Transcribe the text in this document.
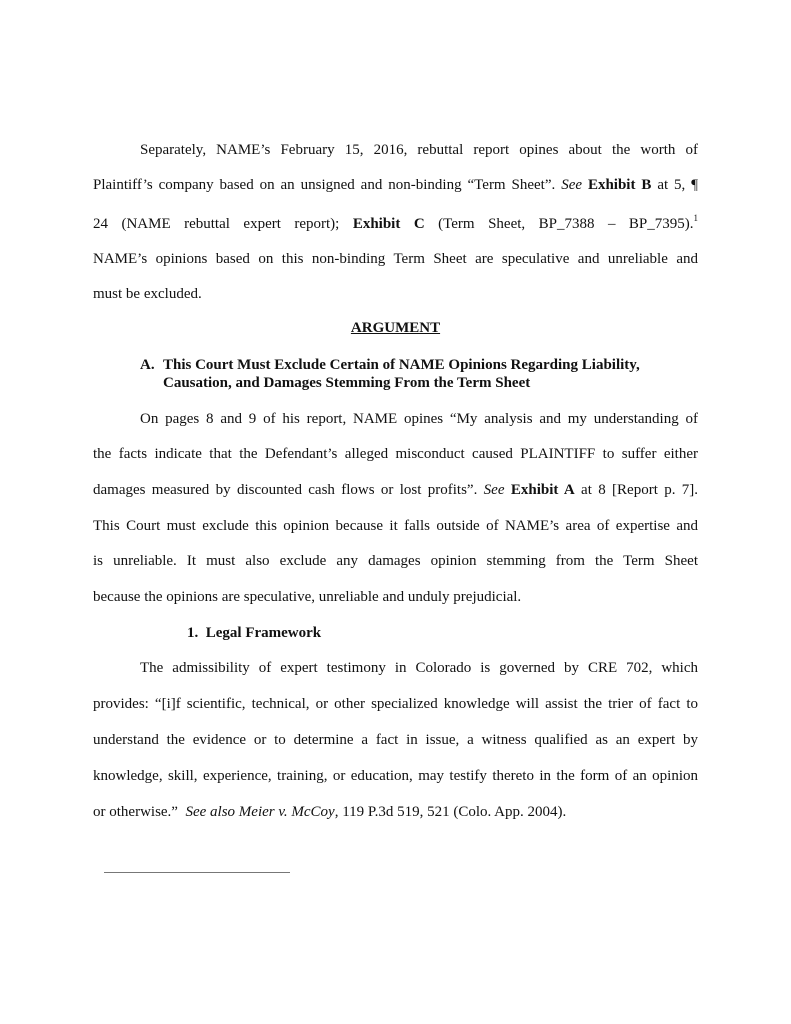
Separately, NAME’s February 15, 2016, rebuttal report opines about the worth of
Plaintiff’s company based on an unsigned and non-binding “Term Sheet”. See Exhibit B at 5, ¶
24 (NAME rebuttal expert report); Exhibit C (Term Sheet, BP_7388 – BP_7395).$^1$
NAME’s opinions based on this non-binding Term Sheet are speculative and unreliable and
must be excluded.
ARGUMENT
A. This Court Must Exclude Certain of NAME Opinions Regarding Liability, Causation, and Damages Stemming From the Term Sheet
On pages 8 and 9 of his report, NAME opines “My analysis and my understanding of
the facts indicate that the Defendant’s alleged misconduct caused PLAINTIFF to suffer either
damages measured by discounted cash flows or lost profits”. See Exhibit A at 8 [Report p. 7].
This Court must exclude this opinion because it falls outside of NAME’s area of expertise and
is unreliable. It must also exclude any damages opinion stemming from the Term Sheet
because the opinions are speculative, unreliable and unduly prejudicial.
1. Legal Framework
The admissibility of expert testimony in Colorado is governed by CRE 702, which
provides: “[i]f scientific, technical, or other specialized knowledge will assist the trier of fact to
understand the evidence or to determine a fact in issue, a witness qualified as an expert by
knowledge, skill, experience, training, or education, may testify thereto in the form of an opinion
or otherwise.” See also Meier v. McCoy, 119 P.3d 519, 521 (Colo. App. 2004).
